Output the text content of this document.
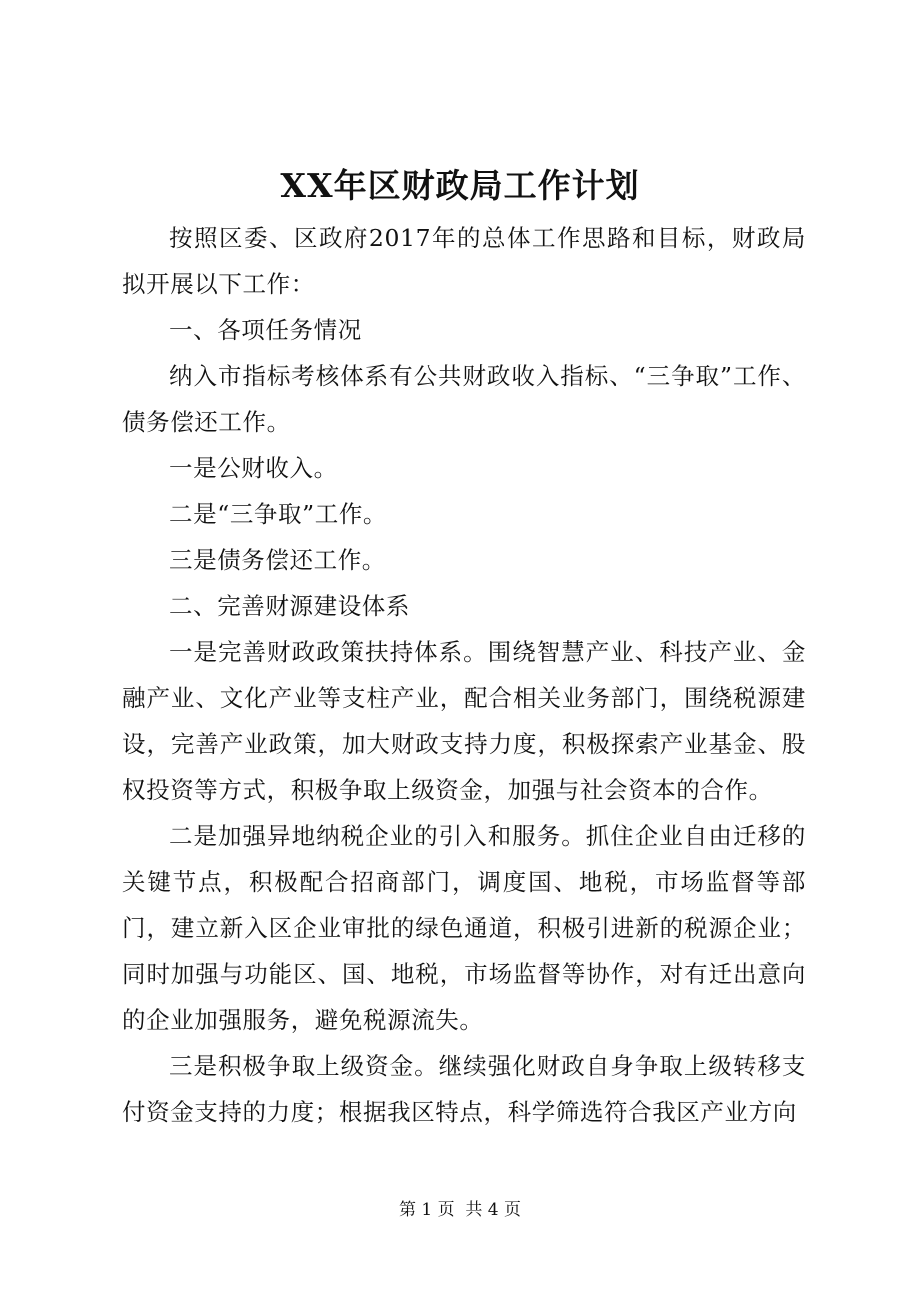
XX年区财政局工作计划

按照区委、区政府2017年的总体工作思路和目标，财政局拟开展以下工作：

一、各项任务情况

纳入市指标考核体系有公共财政收入指标、“三争取”工作、债务偿还工作。

一是公财收入。

二是“三争取”工作。

三是债务偿还工作。

二、完善财源建设体系

一是完善财政政策扶持体系。围绕智慧产业、科技产业、金融产业、文化产业等支柱产业，配合相关业务部门，围绕税源建设，完善产业政策，加大财政支持力度，积极探索产业基金、股权投资等方式，积极争取上级资金，加强与社会资本的合作。

二是加强异地纳税企业的引入和服务。抓住企业自由迁移的关键节点，积极配合招商部门，调度国、地税，市场监督等部门，建立新入区企业审批的绿色通道，积极引进新的税源企业；同时加强与功能区、国、地税，市场监督等协作，对有迁出意向的企业加强服务，避免税源流失。

三是积极争取上级资金。继续强化财政自身争取上级转移支付资金支持的力度；根据我区特点，科学筛选符合我区产业方向

第 1 页  共 4 页
